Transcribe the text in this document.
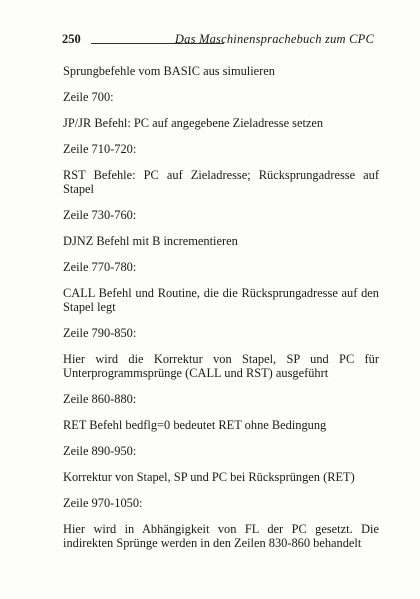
250	Das Maschinensprachebuch zum CPC

Sprungbefehle vom BASIC aus simulieren

Zeile 700:

JP/JR Befehl: PC auf angegebene Zieladresse setzen

Zeile 710-720:

RST Befehle: PC auf Zieladresse; Rücksprungadresse auf Stapel

Zeile 730-760:

DJNZ Befehl mit B incrementieren

Zeile 770-780:

CALL Befehl und Routine, die die Rücksprungadresse auf den Stapel legt

Zeile 790-850:

Hier wird die Korrektur von Stapel, SP und PC für Unterprogrammsprünge (CALL und RST) ausgeführt

Zeile 860-880:

RET Befehl bedflg=0 bedeutet RET ohne Bedingung

Zeile 890-950:

Korrektur von Stapel, SP und PC bei Rücksprüngen (RET)

Zeile 970-1050:

Hier wird in Abhängigkeit von FL der PC gesetzt. Die indirekten Sprünge werden in den Zeilen 830-860 behandelt
